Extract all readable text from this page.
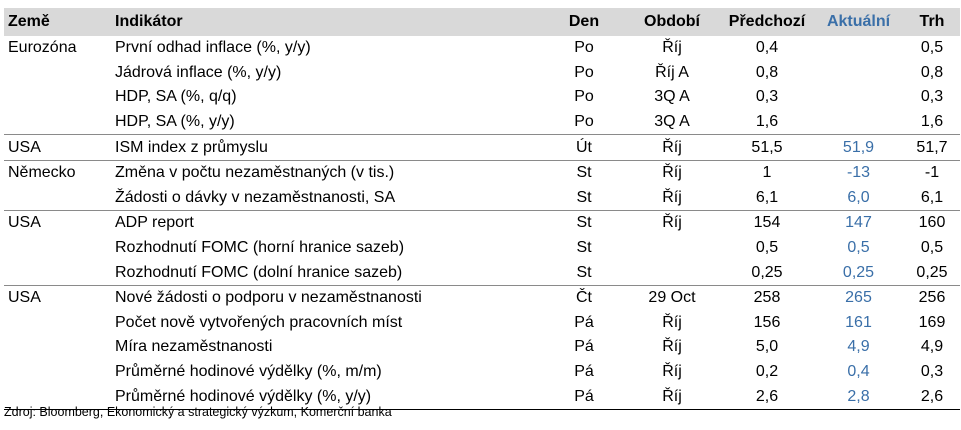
Země	Indikátor	Den	Období	Předchozí	Aktuální	Trh
Eurozóna	První odhad inflace (%, y/y)	Po	Říj	0,4		0,5
	Jádrová inflace (%, y/y)	Po	Říj A	0,8		0,8
	HDP, SA (%, q/q)	Po	3Q A	0,3		0,3
	HDP, SA (%, y/y)	Po	3Q A	1,6		1,6
USA	ISM index z průmyslu	Út	Říj	51,5	51,9	51,7
Německo	Změna v počtu nezaměstnaných (v tis.)	St	Říj	1	-13	-1
	Žádosti o dávky v nezaměstnanosti, SA	St	Říj	6,1	6,0	6,1
USA	ADP report	St	Říj	154	147	160
	Rozhodnutí FOMC (horní hranice sazeb)	St		0,5	0,5	0,5
	Rozhodnutí FOMC (dolní hranice sazeb)	St		0,25	0,25	0,25
USA	Nové žádosti o podporu v nezaměstnanosti	Čt	29 Oct	258	265	256
	Počet nově vytvořených pracovních míst	Pá	Říj	156	161	169
	Míra nezaměstnanosti	Pá	Říj	5,0	4,9	4,9
	Průměrné hodinové výdělky (%, m/m)	Pá	Říj	0,2	0,4	0,3
	Průměrné hodinové výdělky (%, y/y)	Pá	Říj	2,6	2,8	2,6
Zdroj: Bloomberg, Ekonomický a strategický výzkum, Komerční banka
